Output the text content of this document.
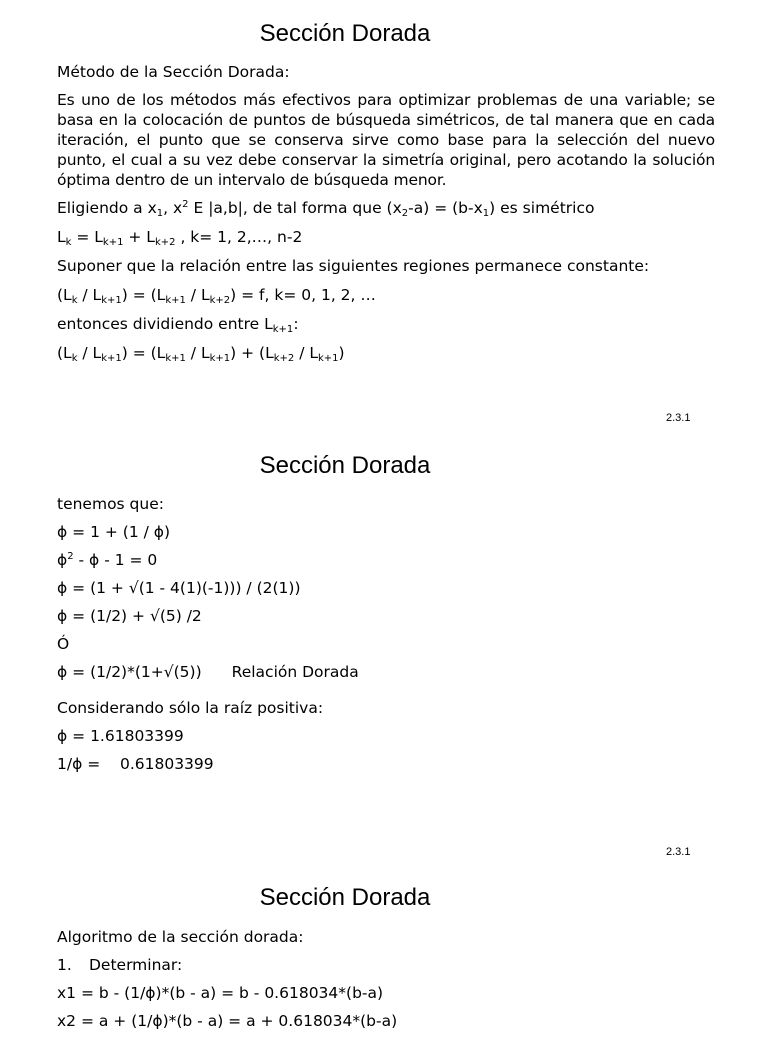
Sección Dorada
Método de la Sección Dorada:
Es uno de los métodos más efectivos para optimizar problemas de una variable; se basa en la colocación de puntos de búsqueda simétricos, de tal manera que en cada iteración, el punto que se conserva sirve como base para la selección del nuevo punto, el cual a su vez debe conservar la simetría original, pero acotando la solución óptima dentro de un intervalo de búsqueda menor.
Eligiendo a $x_1$, $x^2$ E |a,b|, de tal forma que $(x_2-a) = (b-x_1)$ es simétrico
$L_k = L_{k+1} + L_{k+2}$ , k= 1, 2,…, n-2
Suponer que la relación entre las siguientes regiones permanece constante:
$(L_k / L_{k+1}) = (L_{k+1} / L_{k+2}) = f$, k= 0, 1, 2, …
entonces dividiendo entre $L_{k+1}$:
$(L_k / L_{k+1}) = (L_{k+1} / L_{k+1}) + (L_{k+2} / L_{k+1})$
2.3.1
Sección Dorada
tenemos que:
ϕ = 1 + (1 / ϕ)
$\phi^2 - \phi - 1 = 0$
ϕ = (1 + √(1 - 4(1)(-1))) / (2(1))
ϕ = (1/2) + √(5) /2
Ó
ϕ = (1/2)*(1+√(5)) Relación Dorada
Considerando sólo la raíz positiva:
ϕ = 1.61803399
1/ϕ = 0.61803399
2.3.1
Sección Dorada
Algoritmo de la sección dorada:
1. Determinar:
x1 = b - (1/ϕ)*(b - a) = b - 0.618034*(b-a)
x2 = a + (1/ϕ)*(b - a) = a + 0.618034*(b-a)
